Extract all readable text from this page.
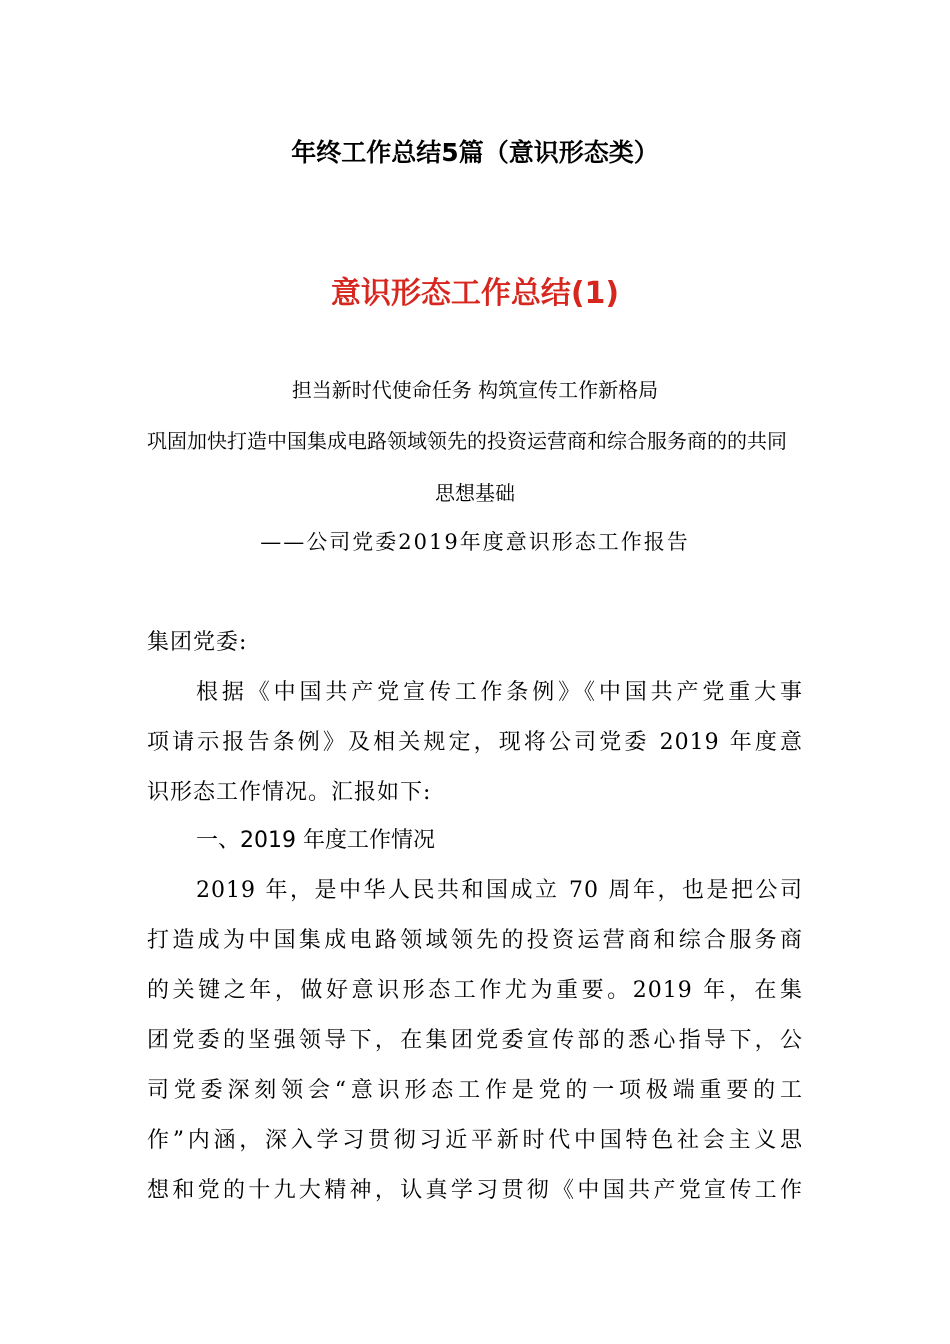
年终工作总结5篇（意识形态类）

意识形态工作总结(1)

担当新时代使命任务 构筑宣传工作新格局

巩固加快打造中国集成电路领域领先的投资运营商和综合服务商的的共同

思想基础

——公司党委2019年度意识形态工作报告

集团党委:

根据《中国共产党宣传工作条例》《中国共产党重大事

项请示报告条例》及相关规定，现将公司党委 2019 年度意

识形态工作情况。汇报如下:

一、2019 年度工作情况

2019 年，是中华人民共和国成立 70 周年，也是把公司

打造成为中国集成电路领域领先的投资运营商和综合服务商

的关键之年，做好意识形态工作尤为重要。2019 年，在集

团党委的坚强领导下，在集团党委宣传部的悉心指导下，公

司党委深刻领会“意识形态工作是党的一项极端重要的工

作”内涵，深入学习贯彻习近平新时代中国特色社会主义思

想和党的十九大精神，认真学习贯彻《中国共产党宣传工作
